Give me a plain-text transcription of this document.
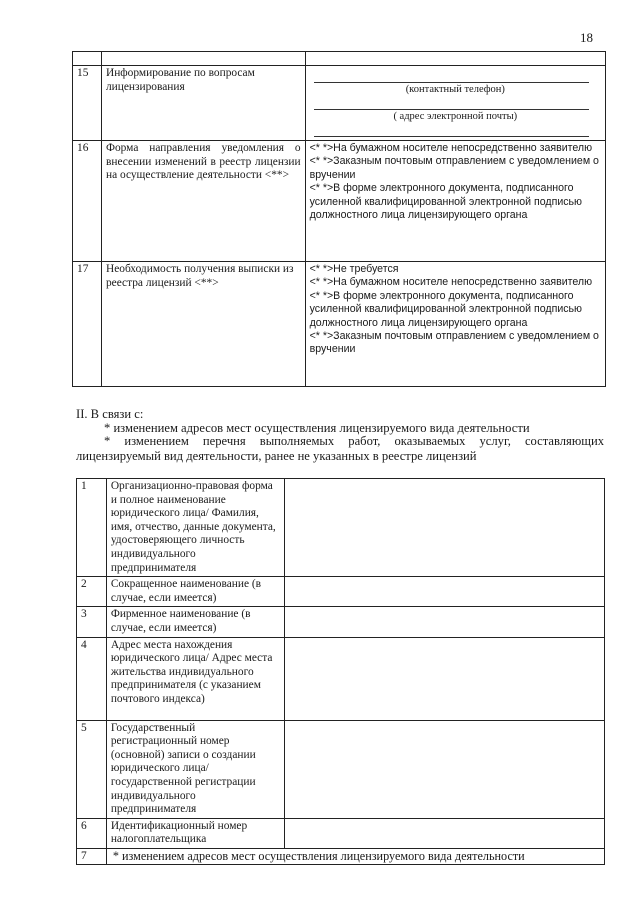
18

15	Информирование по вопросам лицензирования	(контактный телефон)
( адрес электронной почты)

16	Форма направления уведомления о внесении изменений в реестр лицензии на осуществление деятельности <**>	<* *>На бумажном носителе непосредственно заявителю
<* *>Заказным почтовым отправлением с уведомлением о вручении
<* *>В форме электронного документа, подписанного усиленной квалифицированной электронной подписью должностного лица лицензирующего органа

17	Необходимость получения выписки из реестра лицензий <**>	<* *>Не требуется
<* *>На бумажном носителе непосредственно заявителю
<* *>В форме электронного документа, подписанного усиленной квалифицированной электронной подписью должностного лица лицензирующего органа
<* *>Заказным почтовым отправлением с уведомлением о вручении
II. В связи с:
* изменением адресов мест осуществления лицензируемого вида деятельности
* изменением перечня выполняемых работ, оказываемых услуг, составляющих лицензируемый вид деятельности, ранее не указанных в реестре лицензий
1	Организационно-правовая форма и полное наименование юридического лица/ Фамилия, имя, отчество, данные документа, удостоверяющего личность индивидуального предпринимателя	
2	Сокращенное наименование (в случае, если имеется)	
3	Фирменное наименование (в случае, если имеется)	
4	Адрес места нахождения юридического лица/ Адрес места жительства индивидуального предпринимателя (с указанием почтового индекса)	
5	Государственный регистрационный номер (основной) записи о создании юридического лица/ государственной регистрации индивидуального предпринимателя	
6	Идентификационный номер налогоплательщика	
7	* изменением адресов мест осуществления лицензируемого вида деятельности	
